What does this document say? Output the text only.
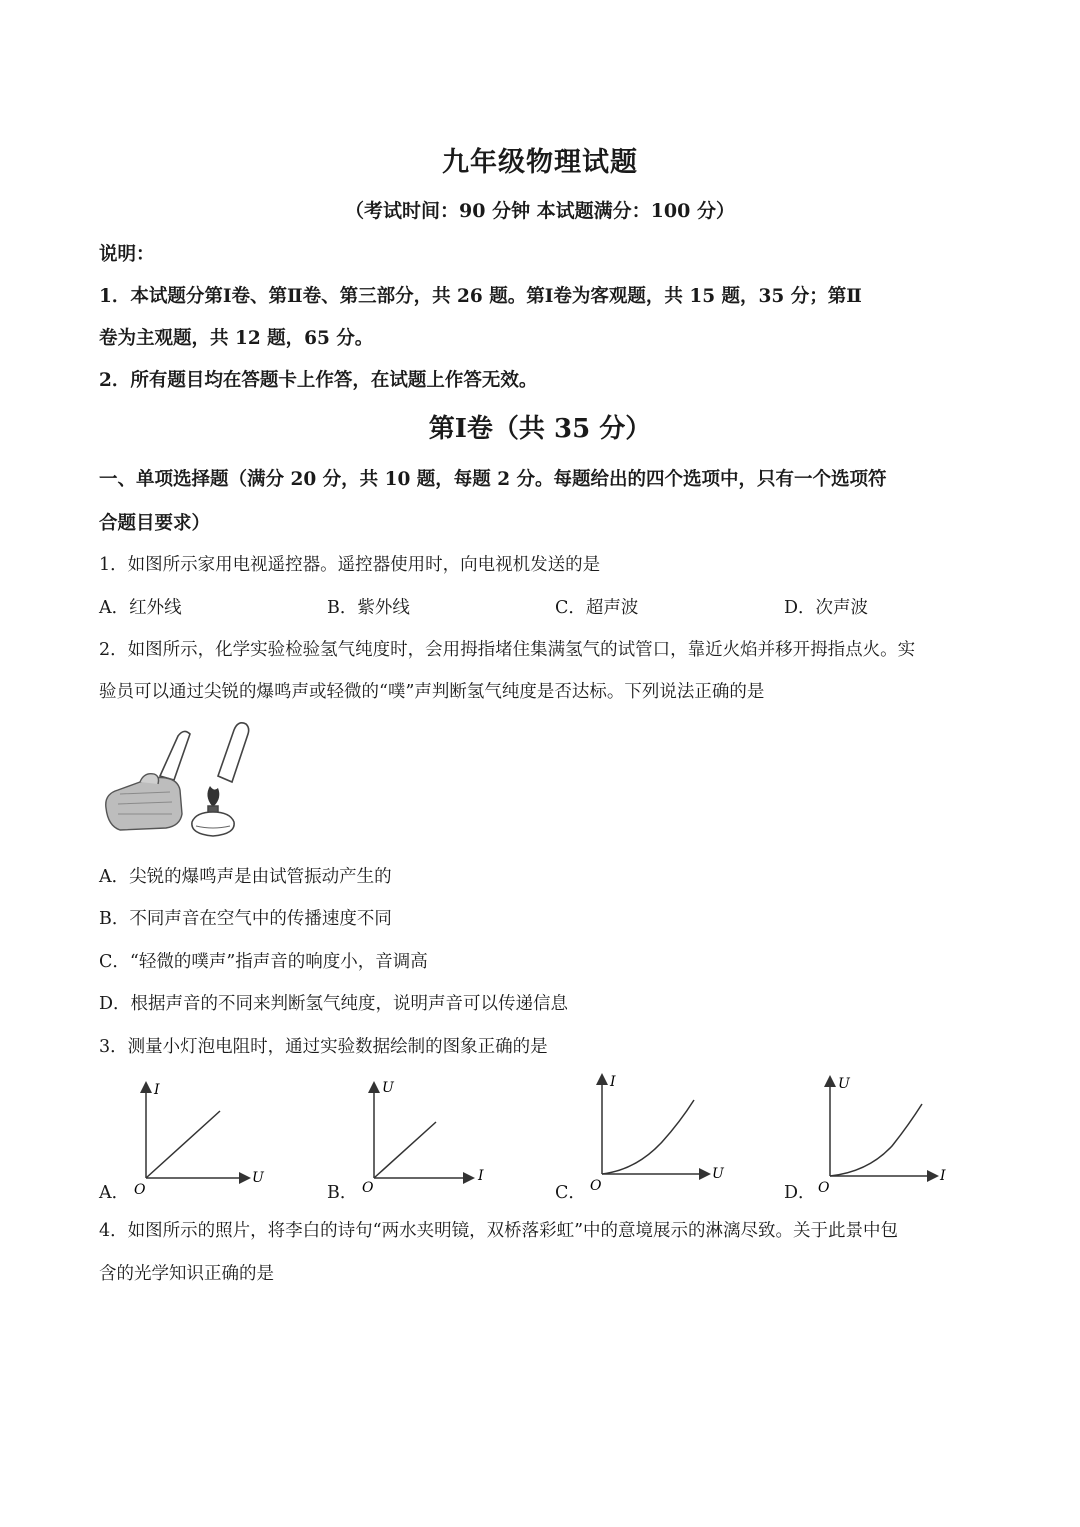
九年级物理试题
（考试时间：90 分钟 本试题满分：100 分）
说明：
1．本试题分第Ⅰ卷、第Ⅱ卷、第三部分，共 26 题。第Ⅰ卷为客观题，共 15 题，35 分；第Ⅱ
卷为主观题，共 12 题，65 分。
2．所有题目均在答题卡上作答，在试题上作答无效。
第Ⅰ卷（共 35 分）
一、单项选择题（满分 20 分，共 10 题，每题 2 分。每题给出的四个选项中，只有一个选项符
合题目要求）
1．如图所示家用电视遥控器。遥控器使用时，向电视机发送的是
A．红外线	B．紫外线	C．超声波	D．次声波
2．如图所示，化学实验检验氢气纯度时，会用拇指堵住集满氢气的试管口，靠近火焰并移开拇指点火。实
验员可以通过尖锐的爆鸣声或轻微的“噗”声判断氢气纯度是否达标。下列说法正确的是
A．尖锐的爆鸣声是由试管振动产生的
B．不同声音在空气中的传播速度不同
C．“轻微的噗声”指声音的响度小，音调高
D．根据声音的不同来判断氢气纯度，说明声音可以传递信息
3．测量小灯泡电阻时，通过实验数据绘制的图象正确的是
A．
I
U
O	B．
U
I
O	C．
I
U
O	D．
U
I
O
4．如图所示的照片，将李白的诗句“两水夹明镜，双桥落彩虹”中的意境展示的淋漓尽致。关于此景中包
含的光学知识正确的是
